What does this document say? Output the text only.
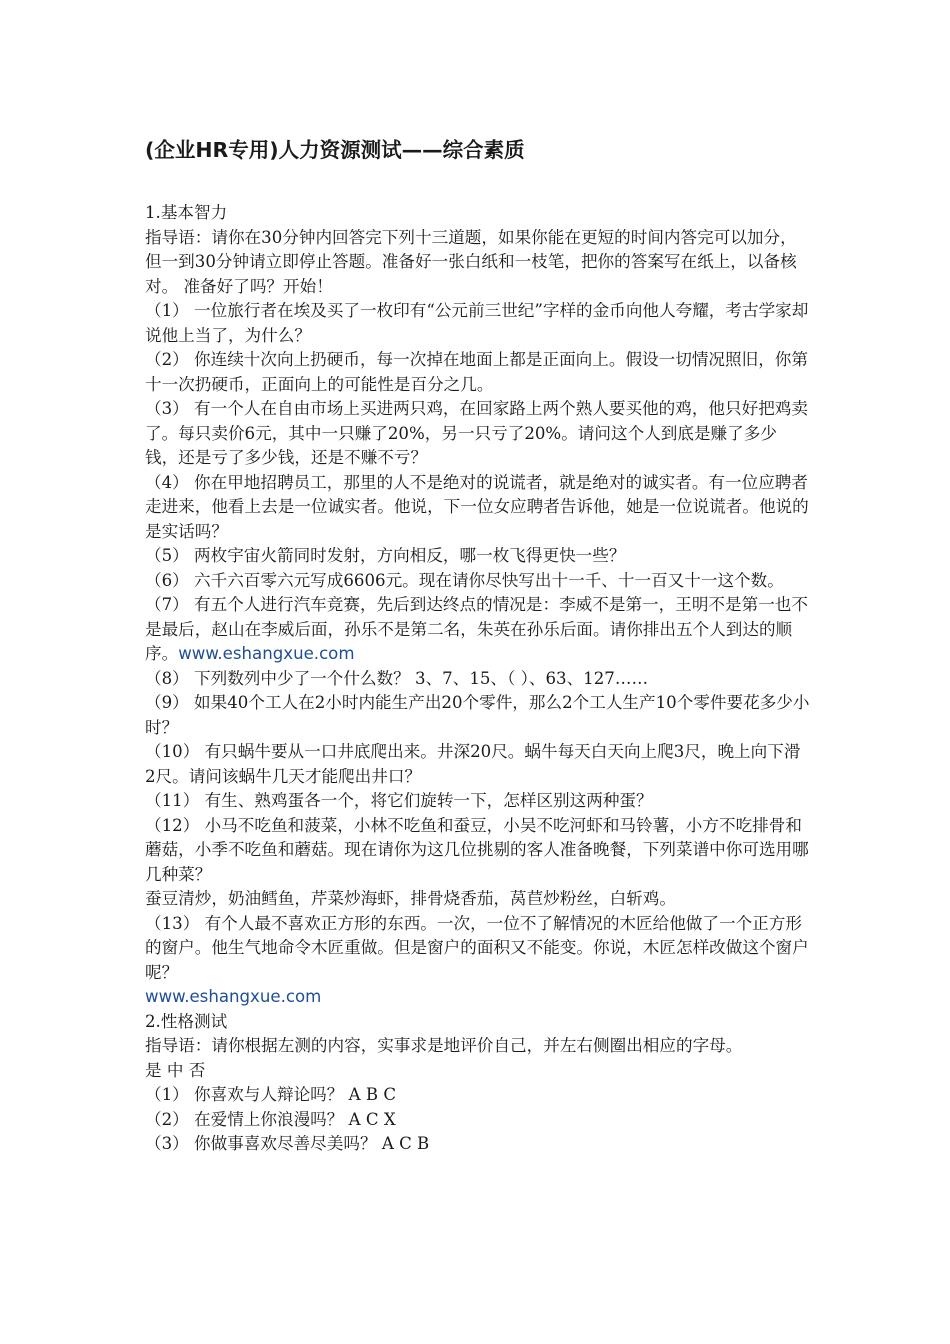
(企业HR专用)人力资源测试——综合素质

1.基本智力

指导语：请你在30分钟内回答完下列十三道题，如果你能在更短的时间内答完可以加分，但一到30分钟请立即停止答题。准备好一张白纸和一枝笔，把你的答案写在纸上，以备核对。 准备好了吗？开始！

（1） 一位旅行者在埃及买了一枚印有“公元前三世纪”字样的金币向他人夸耀，考古学家却说他上当了，为什么？

（2） 你连续十次向上扔硬币，每一次掉在地面上都是正面向上。假设一切情况照旧，你第十一次扔硬币，正面向上的可能性是百分之几。

（3） 有一个人在自由市场上买进两只鸡，在回家路上两个熟人要买他的鸡，他只好把鸡卖了。每只卖价6元，其中一只赚了20%，另一只亏了20%。请问这个人到底是赚了多少钱，还是亏了多少钱，还是不赚不亏？

（4） 你在甲地招聘员工，那里的人不是绝对的说谎者，就是绝对的诚实者。有一位应聘者走进来，他看上去是一位诚实者。他说，下一位女应聘者告诉他，她是一位说谎者。他说的是实话吗？

（5） 两枚宇宙火箭同时发射，方向相反，哪一枚飞得更快一些？

（6） 六千六百零六元写成6606元。现在请你尽快写出十一千、十一百又十一这个数。

（7） 有五个人进行汽车竞赛，先后到达终点的情况是：李威不是第一，王明不是第一也不是最后，赵山在李威后面，孙乐不是第二名，朱英在孙乐后面。请你排出五个人到达的顺序。www.eshangxue.com

（8） 下列数列中少了一个什么数？ 3、7、15、（ ）、63、127……

（9） 如果40个工人在2小时内能生产出20个零件，那么2个工人生产10个零件要花多少小时？

（10） 有只蜗牛要从一口井底爬出来。井深20尺。蜗牛每天白天向上爬3尺，晚上向下滑2尺。请问该蜗牛几天才能爬出井口？

（11） 有生、熟鸡蛋各一个，将它们旋转一下，怎样区别这两种蛋？

（12） 小马不吃鱼和菠菜，小林不吃鱼和蚕豆，小吴不吃河虾和马铃薯，小方不吃排骨和蘑菇，小季不吃鱼和蘑菇。现在请你为这几位挑剔的客人准备晚餐，下列菜谱中你可选用哪几种菜？

蚕豆清炒，奶油鳕鱼，芹菜炒海虾，排骨烧香茄，莴苣炒粉丝，白斩鸡。

（13） 有个人最不喜欢正方形的东西。一次，一位不了解情况的木匠给他做了一个正方形的窗户。他生气地命令木匠重做。但是窗户的面积又不能变。你说，木匠怎样改做这个窗户呢？

www.eshangxue.com

2.性格测试

指导语：请你根据左测的内容，实事求是地评价自己，并左右侧圈出相应的字母。

是 中 否

（1） 你喜欢与人辩论吗？ A B C

（2） 在爱情上你浪漫吗？ A C X

（3） 你做事喜欢尽善尽美吗？ A C B
